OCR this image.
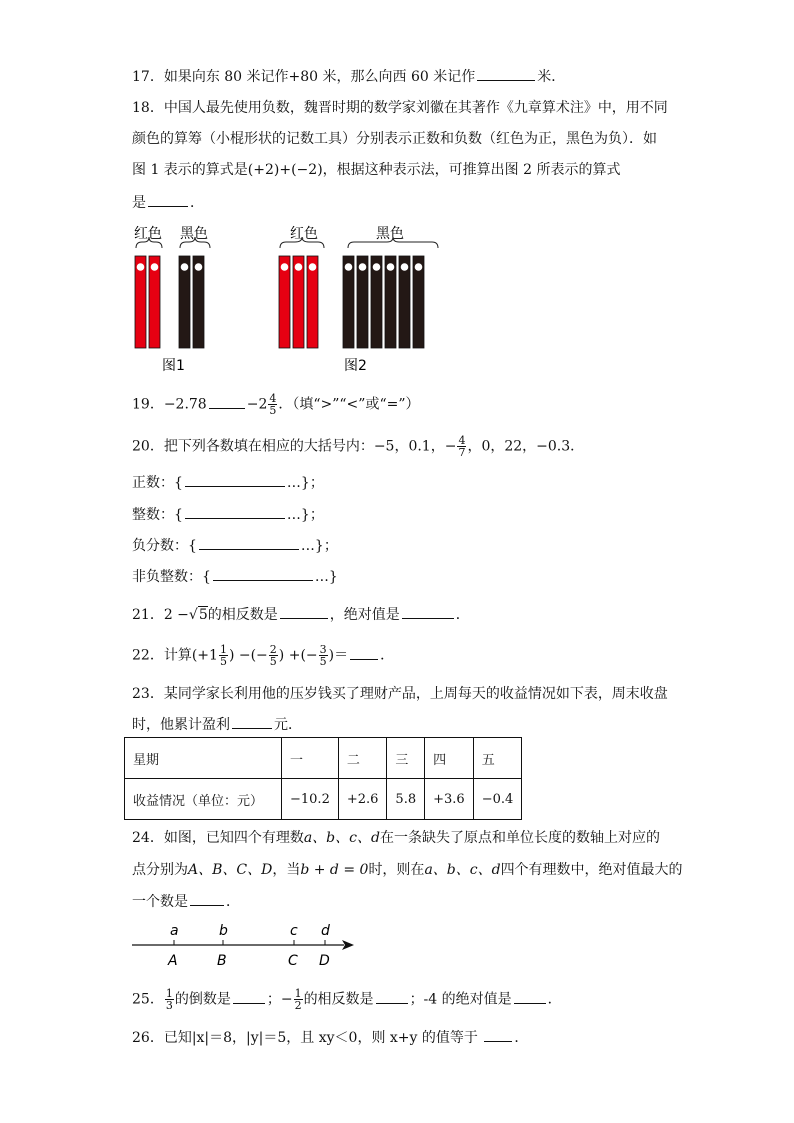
17．如果向东 80 米记作+80 米，那么向西 60 米记作	米．
18．中国人最先使用负数，魏晋时期的数学家刘徽在其著作《九章算术注》中，用不同
颜色的算筹（小棍形状的记数工具）分别表示正数和负数（红色为正，黑色为负）．如
图 1 表示的算式是(+2)+(−2)，根据这种表示法，可推算出图 2 所表示的算式
是	．
红色 黑色
图1
红色	黑色
图2
19．−2.78	$-2 \frac{4}{5}$ ．（填“>”“<”或“=”）
20．把下列各数填在相应的大括号内：−5，0.1，− $\frac{4}{7}$ ，0，22，−0.3．
正数：{	…}；
整数：{	…}；
负分数：{	…}；
非负整数：{	…}
21．2 −√5的相反数是	，绝对值是	．
22．计算($+1 \frac{1}{5}$ ) −(− $\frac{2}{5}$ ) +(− $\frac{3}{5}$ )＝ ．
23．某同学家长利用他的压岁钱买了理财产品，上周每天的收益情况如下表，周末收盘
时，他累计盈利	元．
星期	一	二	三	四	五
收益情况（单位：元）	−10.2	+2.6	5.8	+3.6	−0.4
24．如图，已知四个有理数a、b、c、d在一条缺失了原点和单位长度的数轴上对应的
点分别为A、B、C、D，当b + d = 0时，则在a、b、c、d四个有理数中，绝对值最大的
一个数是	．
a	b	c d
A	B	C D
25． $\frac{1}{3}$ 的倒数是	；− $\frac{1}{2}$ 的相反数是	；-4 的绝对值是	．
26．已知|x|＝8，|y|＝5，且 xy＜0，则 x+y 的值等于	．
